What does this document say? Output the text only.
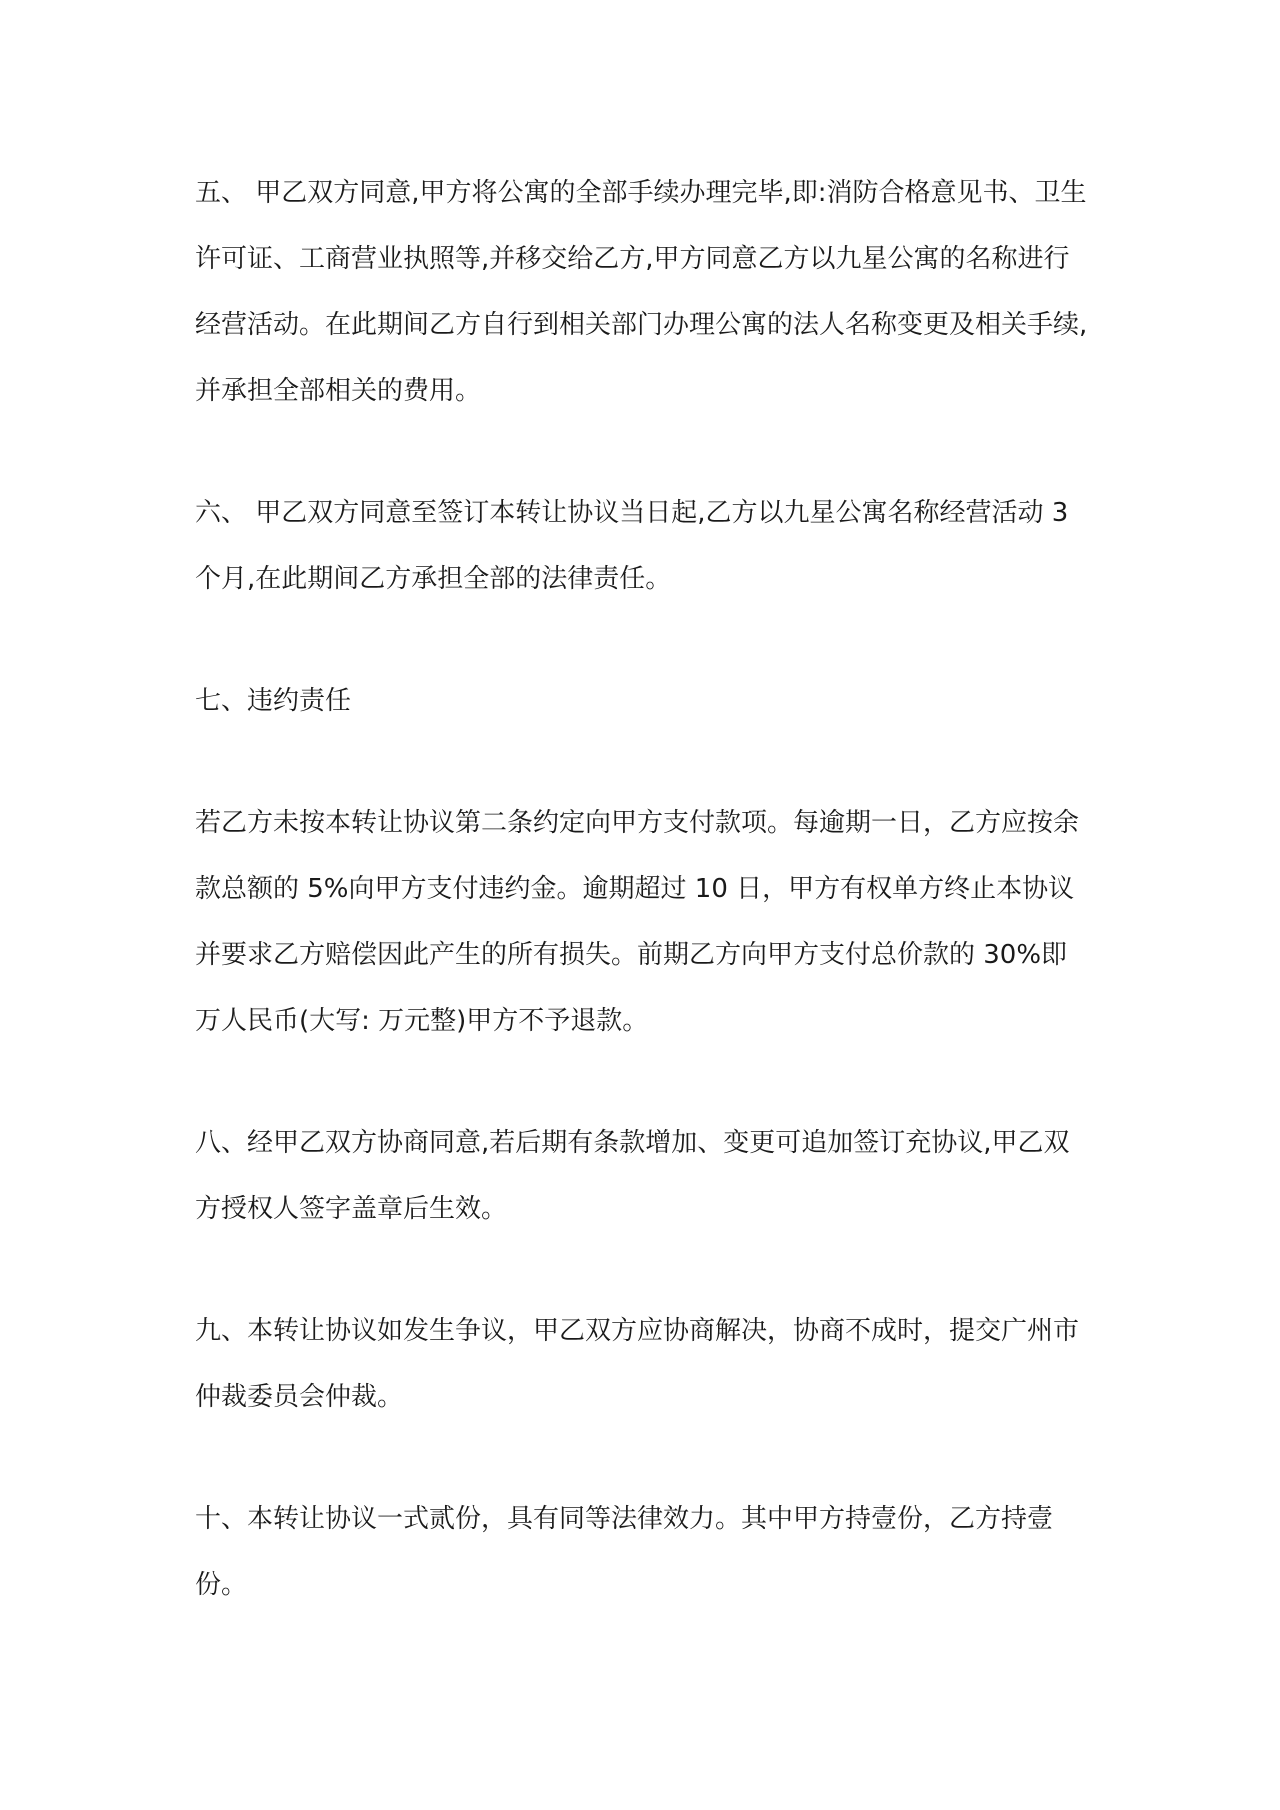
五、 甲乙双方同意,甲方将公寓的全部手续办理完毕,即:消防合格意见书、卫生
许可证、工商营业执照等,并移交给乙方,甲方同意乙方以九星公寓的名称进行
经营活动。在此期间乙方自行到相关部门办理公寓的法人名称变更及相关手续,
并承担全部相关的费用。
六、 甲乙双方同意至签订本转让协议当日起,乙方以九星公寓名称经营活动 3
个月,在此期间乙方承担全部的法律责任。
七、违约责任
若乙方未按本转让协议第二条约定向甲方支付款项。每逾期一日，乙方应按余
款总额的 5%向甲方支付违约金。逾期超过 10 日，甲方有权单方终止本协议
并要求乙方赔偿因此产生的所有损失。前期乙方向甲方支付总价款的 30%即
万人民币(大写: 万元整)甲方不予退款。
八、经甲乙双方协商同意,若后期有条款增加、变更可追加签订充协议,甲乙双
方授权人签字盖章后生效。
九、本转让协议如发生争议，甲乙双方应协商解决，协商不成时，提交广州市
仲裁委员会仲裁。
十、本转让协议一式贰份，具有同等法律效力。其中甲方持壹份，乙方持壹
份。
